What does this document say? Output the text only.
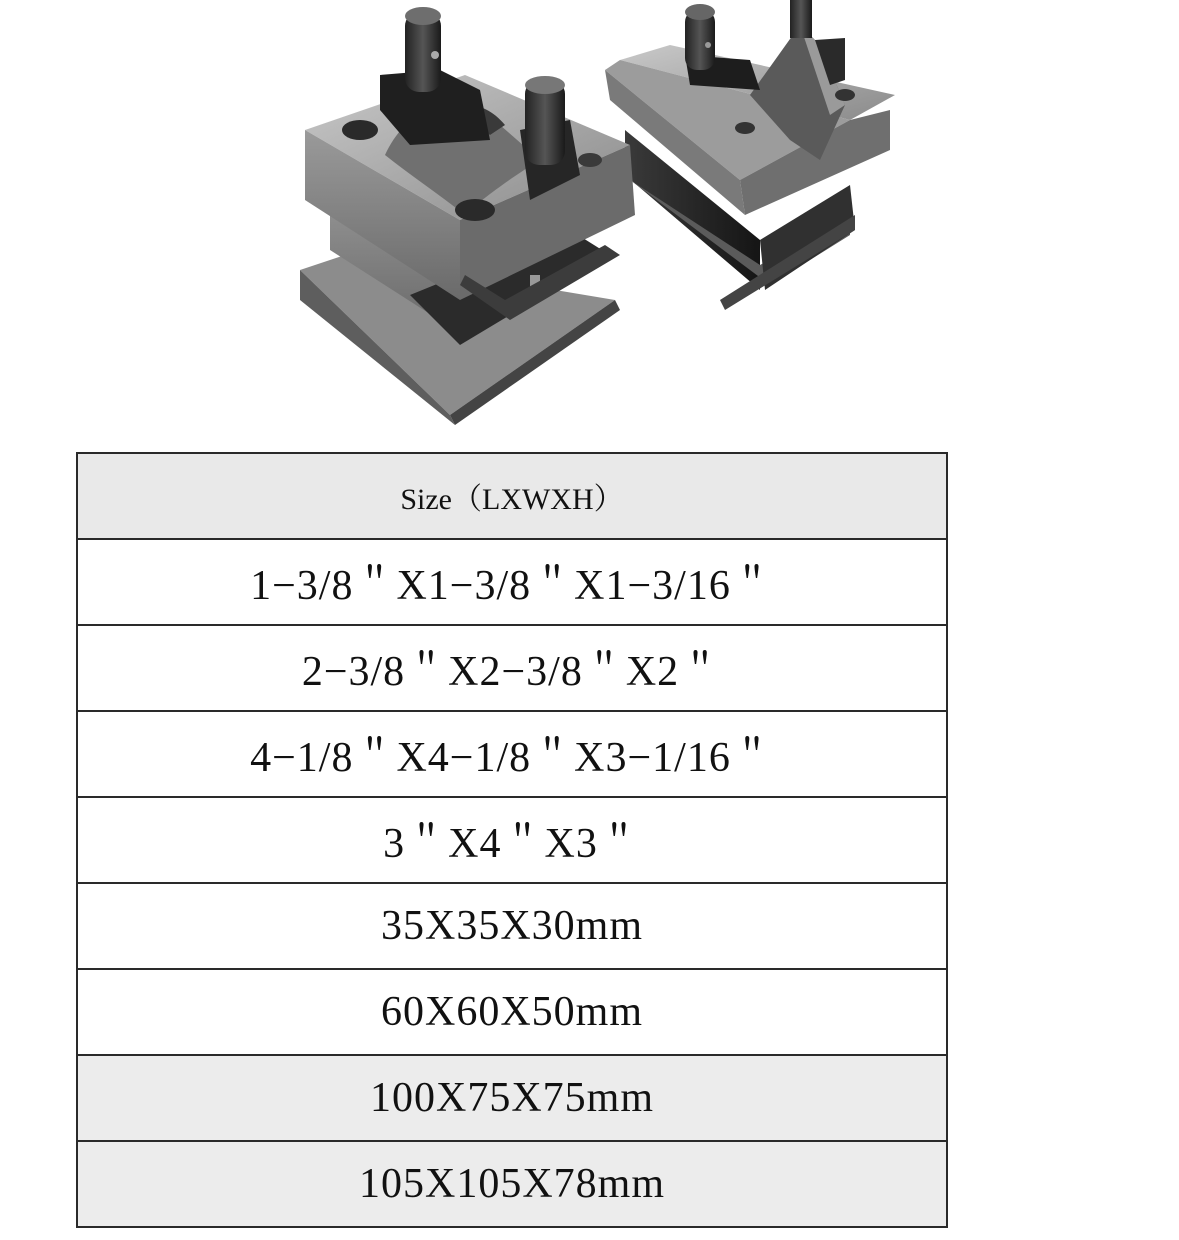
Size（LXWXH）
1−3/8＂X1−3/8＂X1−3/16＂
2−3/8＂X2−3/8＂X2＂
4−1/8＂X4−1/8＂X3−1/16＂
3＂X4＂X3＂
35X35X30mm
60X60X50mm
100X75X75mm
105X105X78mm
